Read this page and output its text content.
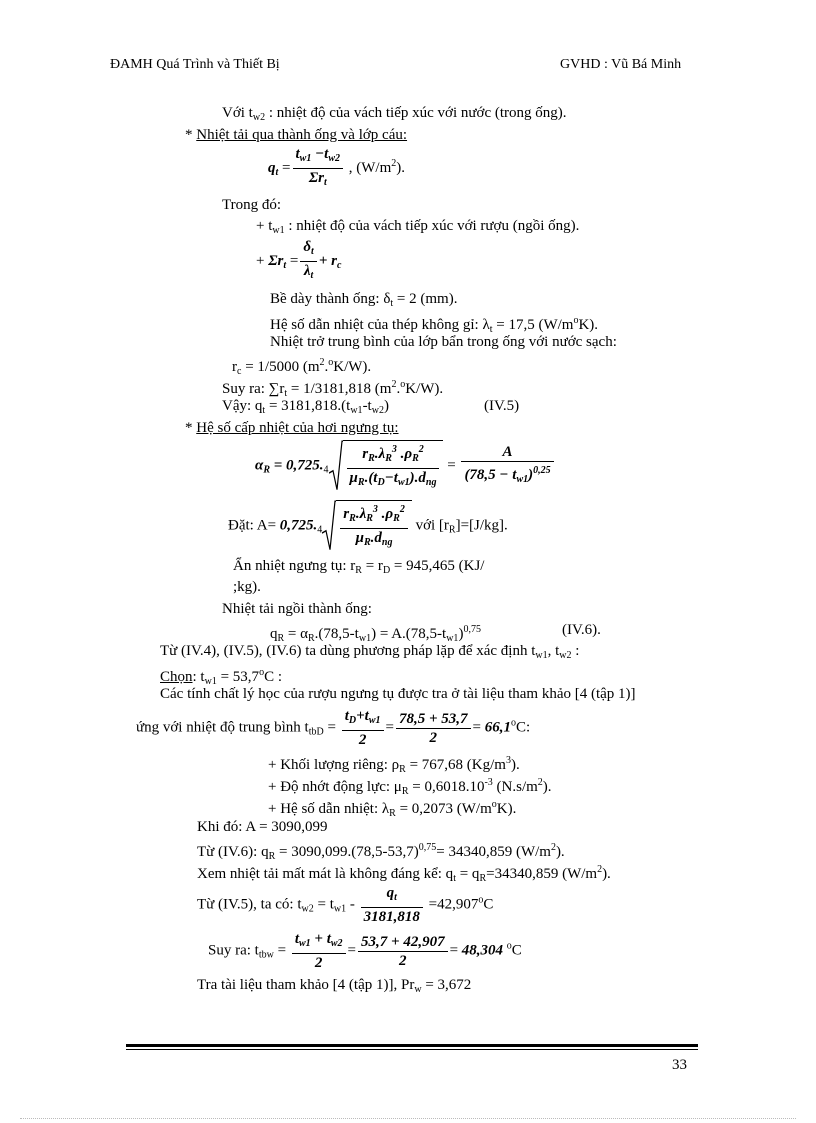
ĐAMH Quá Trình và Thiết Bị	GVHD : Vũ Bá Minh
Với $t_{w2}$ : nhiệt độ của vách tiếp xúc với nước (trong ống).
* Nhiệt tải qua thành ống và lớp cáu:
$q_t = \frac{t_{w1} -t_{w2}}{\Sigma r_t}$ , $(W/m^2)$.
Trong đó:
+ $t_{w1}$ : nhiệt độ của vách tiếp xúc với rượu (ngồi ống).
+ $\Sigma r_t = \frac{\delta_t}{\lambda_t} + r_c$
Bề dày thành ống: $\delta_t = 2$ (mm).
Hệ số dẫn nhiệt của thép không gỉ: $\lambda_t = 17,5$ $(W/m^oK)$.
Nhiệt trở trung bình của lớp bẩn trong ống với nước sạch:
$r_c = 1/5000$ $(m^2.^oK/W)$.
Suy ra: $\sum r_t = 1/3181,818$ $(m^2.^oK/W)$.
Vậy: $q_t = 3181,818.(t_{w1}-t_{w2})$	(IV.5)
* Hệ số cấp nhiệt của hơi ngưng tụ:
$\alpha_R = 0,725._4 \frac{r_R.\lambda_R^3 .\rho_R^2}{\mu_R.(t_D-t_{w1}).d_{ng}} = \frac{A}{(78,5 - t_{w1})^{0,25}}$
Đặt: $A= 0,725._4 \frac{r_R.\lambda_R^3 .\rho_R^2}{\mu_R.d_{ng}}$ với $[r_R]=[J/kg]$.
Ẩn nhiệt ngưng tụ: $r_R = r_D = 945,465$ (KJ/
;kg).
Nhiệt tải ngồi thành ống:
$q_R = \alpha_R.(78,5-t_{w1}) = A.(78,5-t_{w1})^{0,75}$	(IV.6).
Từ (IV.4), (IV.5), (IV.6) ta dùng phương pháp lặp để xác định $t_{w1}$, $t_{w2}$ :
Chọn: $t_{w1} = 53,7^oC$ :
Các tính chất lý học của rượu ngưng tụ được tra ở tài liệu tham khảo [4 (tập 1)]
ứng với nhiệt độ trung bình $t_{tbD} = \frac{t_D+t_{w1}}{2} = \frac{78,5 + 53,7}{2} = 66,1^oC$:
+ Khối lượng riêng: $\rho_R = 767,68$ $(Kg/m^3)$.
+ Độ nhớt động lực: $\mu_R = 0,6018.10^{-3}$ $(N.s/m^2)$.
+ Hệ số dẫn nhiệt: $\lambda_R = 0,2073$ $(W/m^oK)$.
Khi đó: A = 3090,099
Từ (IV.6): $q_R = 3090,099.(78,5-53,7)^{0,75}= 34340,859$ $(W/m^2)$.
Xem nhiệt tải mất mát là không đáng kể: $q_t = q_R=34340,859$ $(W/m^2)$.
Từ (IV.5), ta có: $t_{w2} = t_{w1} - \frac{q_t}{3181,818} =42,907^oC$
Suy ra: $t_{tbw} = \frac{t_{w1} + t_{w2}}{2} = \frac{53,7 + 42,907}{2} = 48,304$ $^o$C
Tra tài liệu tham khảo [4 (tập 1)], $Pr_w = 3,672$
33
